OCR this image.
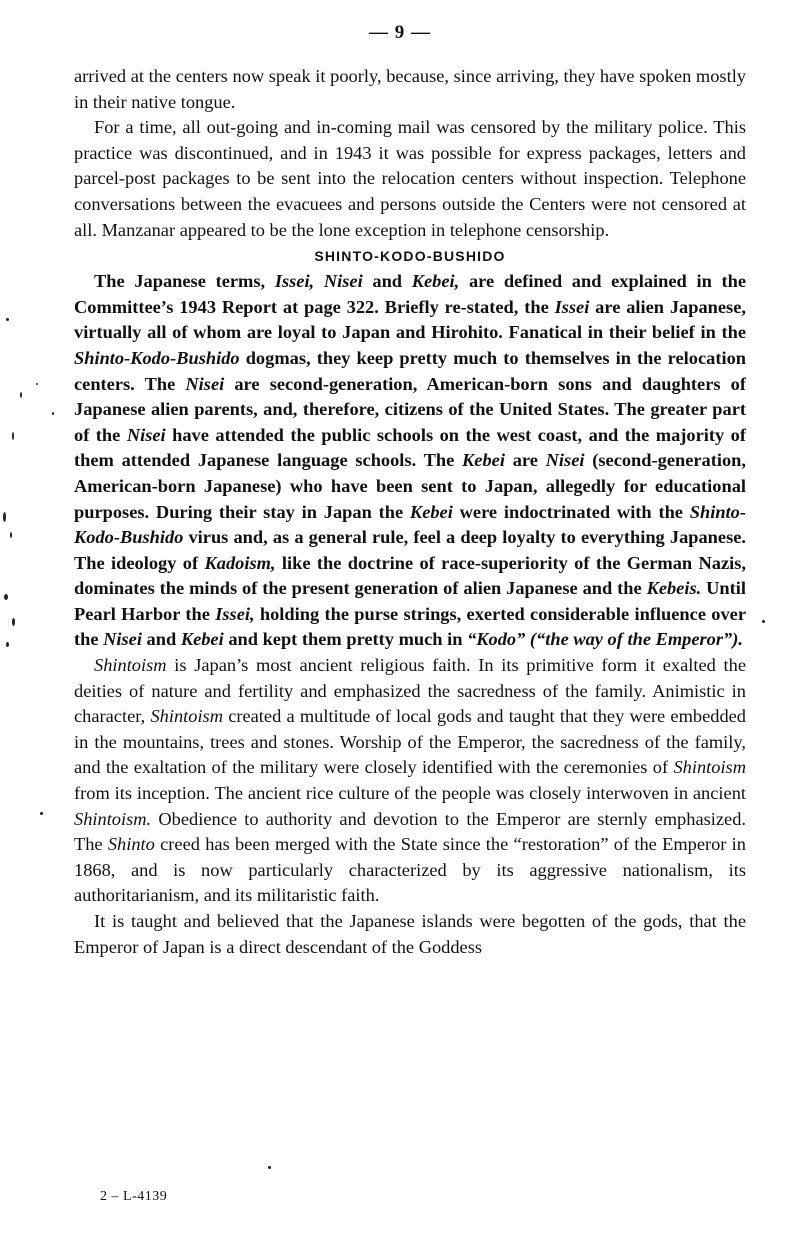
— 9 —

arrived at the centers now speak it poorly, because, since arriving, they have spoken mostly in their native tongue.

For a time, all out-going and in-coming mail was censored by the military police. This practice was discontinued, and in 1943 it was possible for express packages, letters and parcel-post packages to be sent into the relocation centers without inspection. Telephone conversations between the evacuees and persons outside the Centers were not censored at all. Manzanar appeared to be the lone exception in telephone censorship.

SHINTO-KODO-BUSHIDO

The Japanese terms, Issei, Nisei and Kebei, are defined and explained in the Committee’s 1943 Report at page 322. Briefly re-stated, the Issei are alien Japanese, virtually all of whom are loyal to Japan and Hirohito. Fanatical in their belief in the Shinto-Kodo-Bushido dogmas, they keep pretty much to themselves in the relocation centers. The Nisei are second-generation, American-born sons and daughters of Japanese alien parents, and, therefore, citizens of the United States. The greater part of the Nisei have attended the public schools on the west coast, and the majority of them attended Japanese language schools. The Kebei are Nisei (second-generation, American-born Japanese) who have been sent to Japan, allegedly for educational purposes. During their stay in Japan the Kebei were indoctrinated with the Shinto-Kodo-Bushido virus and, as a general rule, feel a deep loyalty to everything Japanese. The ideology of Kadoism, like the doctrine of race-superiority of the German Nazis, dominates the minds of the present generation of alien Japanese and the Kebeis. Until Pearl Harbor the Issei, holding the purse strings, exerted considerable influence over the Nisei and Kebei and kept them pretty much in “Kodo” (“the way of the Emperor”).

Shintoism is Japan’s most ancient religious faith. In its primitive form it exalted the deities of nature and fertility and emphasized the sacredness of the family. Animistic in character, Shintoism created a multitude of local gods and taught that they were embedded in the mountains, trees and stones. Worship of the Emperor, the sacredness of the family, and the exaltation of the military were closely identified with the ceremonies of Shintoism from its inception. The ancient rice culture of the people was closely interwoven in ancient Shintoism. Obedience to authority and devotion to the Emperor are sternly emphasized. The Shinto creed has been merged with the State since the “restoration” of the Emperor in 1868, and is now particularly characterized by its aggressive nationalism, its authoritarianism, and its militaristic faith.

It is taught and believed that the Japanese islands were begotten of the gods, that the Emperor of Japan is a direct descendant of the Goddess

2 – L-4139
